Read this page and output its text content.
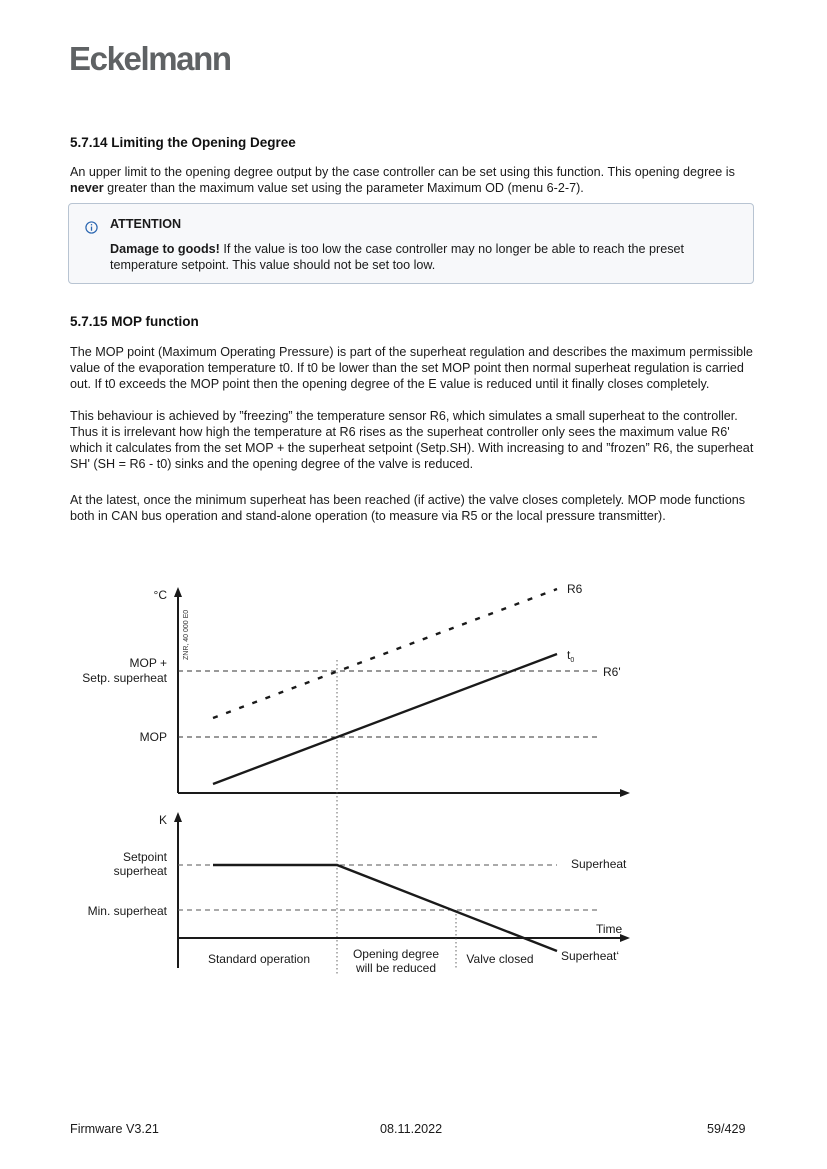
Eckelmann
5.7.14 Limiting the Opening Degree

An upper limit to the opening degree output by the case controller can be set using this function. This opening degree is never greater than the maximum value set using the parameter Maximum OD (menu 6-2-7).

ATTENTION
Damage to goods! If the value is too low the case controller may no longer be able to reach the preset temperature setpoint. This value should not be set too low.
5.7.15 MOP function

The MOP point (Maximum Operating Pressure) is part of the superheat regulation and describes the maximum permissible value of the evaporation temperature t0. If t0 be lower than the set MOP point then normal superheat regulation is carried out. If t0 exceeds the MOP point then the opening degree of the E value is reduced until it finally closes completely.

This behaviour is achieved by ”freezing” the temperature sensor R6, which simulates a small superheat to the controller. Thus it is irrelevant how high the temperature at R6 rises as the superheat controller only sees the maximum value R6' which it calculates from the set MOP + the superheat setpoint (Setp.SH). With increasing to and ”frozen” R6, the superheat SH' (SH = R6 - t0) sinks and the opening degree of the valve is reduced.

At the latest, once the minimum superheat has been reached (if active) the valve closes completely. MOP mode functions both in CAN bus operation and stand-alone operation (to measure via R5 or the local pressure transmitter).

°C
ZNR, 40 000 E0
MOP +
Setp. superheat
MOP
R6
$t_0$
R6'
K
Setpoint
superheat
Min. superheat
Superheat
Time
Superheat‘
Standard operation	Opening degree
will be reduced
Valve closed
Firmware V3.21	08.11.2022	59/429
